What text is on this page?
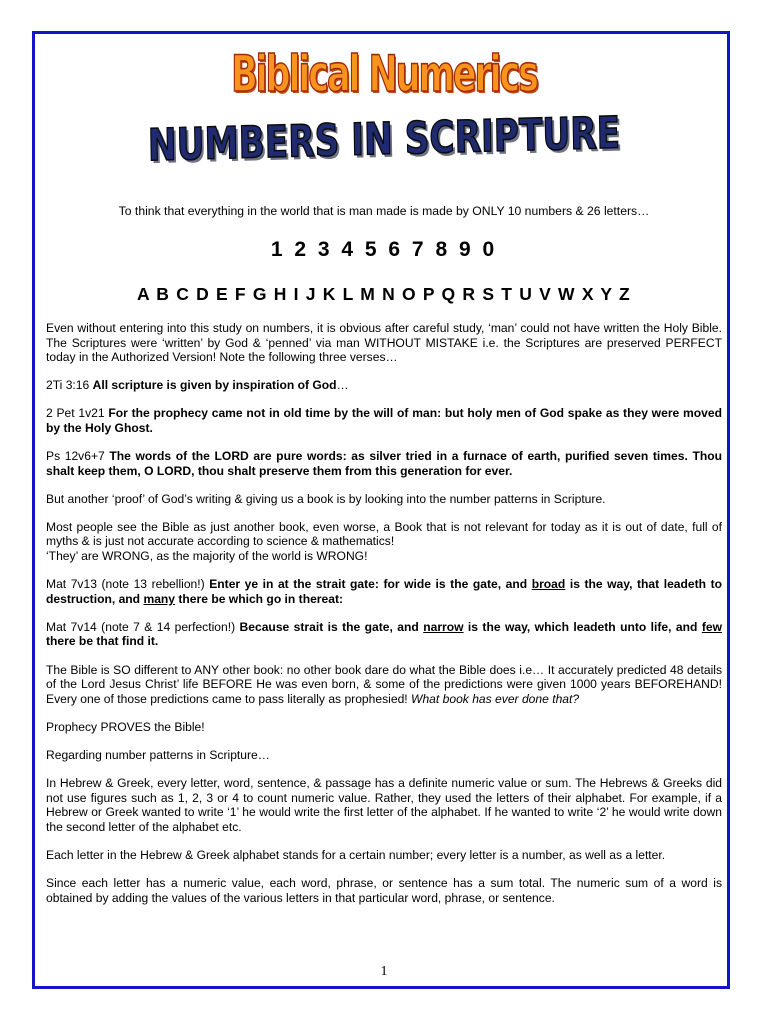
Biblical Numerics
NUMBERS IN SCRIPTURE
To think that everything in the world that is man made is made by ONLY 10 numbers & 26 letters…
1 2 3 4 5 6 7 8 9 0
A B C D E F G H I J K L M N O P Q R S T U V W X Y Z

Even without entering into this study on numbers, it is obvious after careful study, ‘man’ could not have written the Holy Bible. The Scriptures were ‘written’ by God & ‘penned’ via man WITHOUT MISTAKE i.e. the Scriptures are preserved PERFECT today in the Authorized Version! Note the following three verses…

2Ti 3:16 All scripture is given by inspiration of God…

2 Pet 1v21 For the prophecy came not in old time by the will of man: but holy men of God spake as they were moved by the Holy Ghost.

Ps 12v6+7 The words of the LORD are pure words: as silver tried in a furnace of earth, purified seven times. Thou shalt keep them, O LORD, thou shalt preserve them from this generation for ever.

But another ‘proof’ of God’s writing & giving us a book is by looking into the number patterns in Scripture.

Most people see the Bible as just another book, even worse, a Book that is not relevant for today as it is out of date, full of myths & is just not accurate according to science & mathematics!
‘They’ are WRONG, as the majority of the world is WRONG!

Mat 7v13 (note 13 rebellion!) Enter ye in at the strait gate: for wide is the gate, and broad is the way, that leadeth to destruction, and many there be which go in thereat:

Mat 7v14 (note 7 & 14 perfection!) Because strait is the gate, and narrow is the way, which leadeth unto life, and few there be that find it.

The Bible is SO different to ANY other book: no other book dare do what the Bible does i.e… It accurately predicted 48 details of the Lord Jesus Christ’ life BEFORE He was even born, & some of the predictions were given 1000 years BEFOREHAND! Every one of those predictions came to pass literally as prophesied! What book has ever done that?

Prophecy PROVES the Bible!

Regarding number patterns in Scripture…

In Hebrew & Greek, every letter, word, sentence, & passage has a definite numeric value or sum. The Hebrews & Greeks did not use figures such as 1, 2, 3 or 4 to count numeric value. Rather, they used the letters of their alphabet. For example, if a Hebrew or Greek wanted to write ‘1’ he would write the first letter of the alphabet. If he wanted to write ‘2’ he would write down the second letter of the alphabet etc.

Each letter in the Hebrew & Greek alphabet stands for a certain number; every letter is a number, as well as a letter.

Since each letter has a numeric value, each word, phrase, or sentence has a sum total. The numeric sum of a word is obtained by adding the values of the various letters in that particular word, phrase, or sentence.

1
